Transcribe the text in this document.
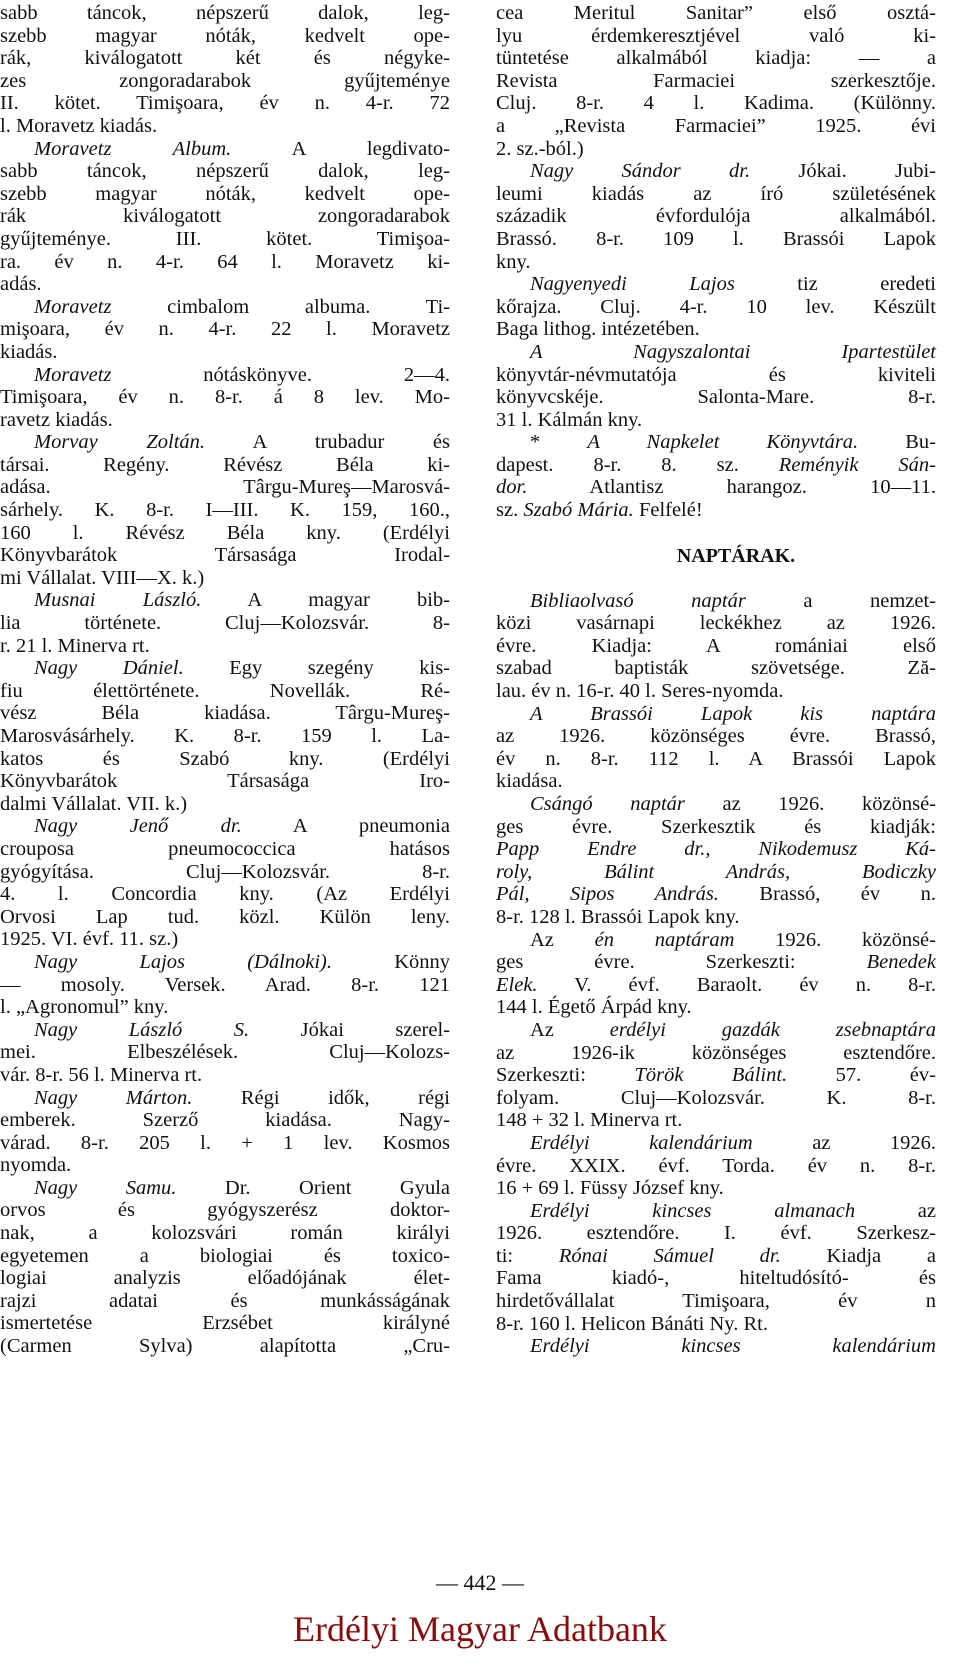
sabb táncok, népszerű dalok, leg-
szebb magyar nóták, kedvelt ope-
rák, kiválogatott két és négyke-
zes zongoradarabok gyűjteménye
II. kötet. Timişoara, év n. 4-r. 72
l. Moravetz kiadás.
Moravetz Album. A legdivato-
sabb táncok, népszerű dalok, leg-
szebb magyar nóták, kedvelt ope-
rák kiválogatott zongoradarabok
gyűjteménye. III. kötet. Timişoa-
ra. év n. 4-r. 64 l. Moravetz ki-
adás.
Moravetz cimbalom albuma. Ti-
mişoara, év n. 4-r. 22 l. Moravetz
kiadás.
Moravetz nótáskönyve. 2—4.
Timişoara, év n. 8-r. á 8 lev. Mo-
ravetz kiadás.
Morvay Zoltán. A trubadur és
társai. Regény. Révész Béla ki-
adása. Târgu-Mureş—Marosvá-
sárhely. K. 8-r. I—III. K. 159, 160.,
160 l. Révész Béla kny. (Erdélyi
Könyvbarátok Társasága Irodal-
mi Vállalat. VIII—X. k.)
Musnai László. A magyar bib-
lia története. Cluj—Kolozsvár. 8-
r. 21 l. Minerva rt.
Nagy Dániel. Egy szegény kis-
fiu élettörténete. Novellák. Ré-
vész Béla kiadása. Târgu-Mureş-
Marosvásárhely. K. 8-r. 159 l. La-
katos és Szabó kny. (Erdélyi
Könyvbarátok Társasága Iro-
dalmi Vállalat. VII. k.)
Nagy Jenő dr. A pneumonia
crouposa pneumococcica hatásos
gyógyítása. Cluj—Kolozsvár. 8-r.
4. l. Concordia kny. (Az Erdélyi
Orvosi Lap tud. közl. Külön leny.
1925. VI. évf. 11. sz.)
Nagy Lajos (Dálnoki). Könny
— mosoly. Versek. Arad. 8-r. 121
l. „Agronomul” kny.
Nagy László S. Jókai szerel-
mei. Elbeszélések. Cluj—Kolozs-
vár. 8-r. 56 l. Minerva rt.
Nagy Márton. Régi idők, régi
emberek. Szerző kiadása. Nagy-
várad. 8-r. 205 l. + 1 lev. Kosmos
nyomda.
Nagy Samu. Dr. Orient Gyula
orvos és gyógyszerész doktor-
nak, a kolozsvári román királyi
egyetemen a biologiai és toxico-
logiai analyzis előadójának élet-
rajzi adatai és munkásságának
ismertetése Erzsébet királyné
(Carmen Sylva) alapította „Cru-
cea Meritul Sanitar” első osztá-
lyu érdemkeresztjével való ki-
tüntetése alkalmából kiadja: — a
Revista Farmaciei szerkesztője.
Cluj. 8-r. 4 l. Kadima. (Különny.
a „Revista Farmaciei” 1925. évi
2. sz.-ból.)
Nagy Sándor dr. Jókai. Jubi-
leumi kiadás az író születésének
századik évfordulója alkalmából.
Brassó. 8-r. 109 l. Brassói Lapok
kny.
Nagyenyedi Lajos tiz eredeti
kőrajza. Cluj. 4-r. 10 lev. Készült
Baga lithog. intézetében.
A Nagyszalontai Ipartestület
könyvtár-névmutatója és kiviteli
könyvcskéje. Salonta-Mare. 8-r.
31 l. Kálmán kny.
* A Napkelet Könyvtára. Bu-
dapest. 8-r. 8. sz. Reményik Sán-
dor. Atlantisz harangoz. 10—11.
sz. Szabó Mária. Felfelé!
NAPTÁRAK.
Bibliaolvasó naptár a nemzet-
közi vasárnapi leckékhez az 1926.
évre. Kiadja: A romániai első
szabad baptisták szövetsége. Ză-
lau. év n. 16-r. 40 l. Seres-nyomda.
A Brassói Lapok kis naptára
az 1926. közönséges évre. Brassó,
év n. 8-r. 112 l. A Brassói Lapok
kiadása.
Csángó naptár az 1926. közönsé-
ges évre. Szerkesztik és kiadják:
Papp Endre dr., Nikodemusz Ká-
roly, Bálint András, Bodiczky
Pál, Sipos András. Brassó, év n.
8-r. 128 l. Brassói Lapok kny.
Az én naptáram 1926. közönsé-
ges évre. Szerkeszti: Benedek
Elek. V. évf. Baraolt. év n. 8-r.
144 l. Égető Árpád kny.
Az erdélyi gazdák zsebnaptára
az 1926-ik közönséges esztendőre.
Szerkeszti: Török Bálint. 57. év-
folyam. Cluj—Kolozsvár. K. 8-r.
148 + 32 l. Minerva rt.
Erdélyi kalendárium az 1926.
évre. XXIX. évf. Torda. év n. 8-r.
16 + 69 l. Füssy József kny.
Erdélyi kincses almanach az
1926. esztendőre. I. évf. Szerkesz-
ti: Rónai Sámuel dr. Kiadja a
Fama kiadó-, hiteltudósító- és
hirdetővállalat Timişoara, év n
8-r. 160 l. Helicon Bánáti Ny. Rt.
Erdélyi kincses kalendárium
— 442 —
Erdélyi Magyar Adatbank
